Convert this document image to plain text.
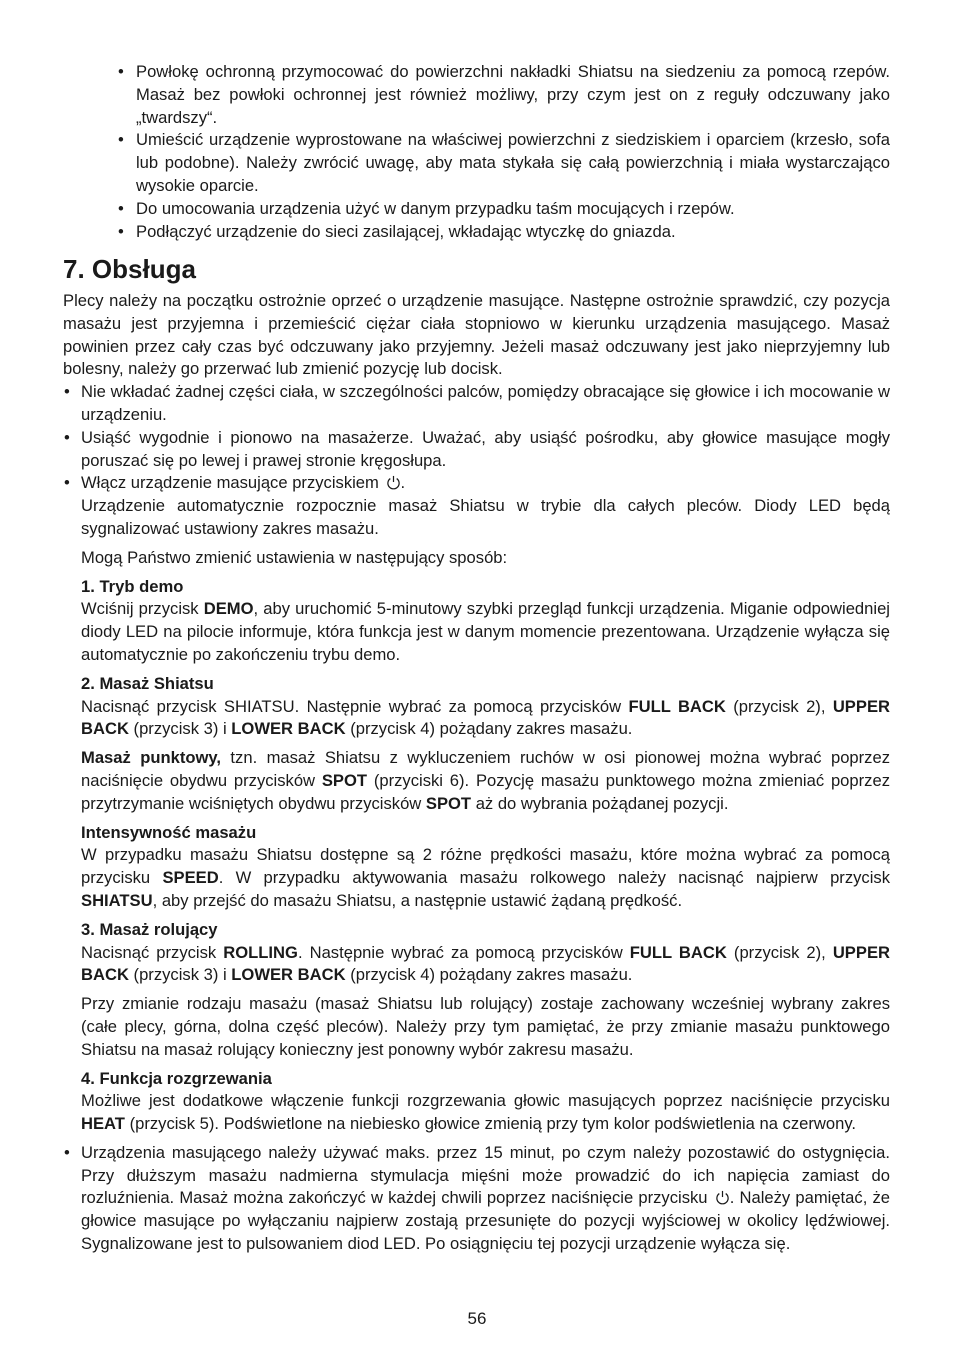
• Powłokę ochronną przymocować do powierzchni nakładki Shiatsu na siedzeniu za pomocą rzepów. Masaż bez powłoki ochronnej jest również możliwy, przy czym jest on z reguły odczuwany jako „twardszy“.
• Umieścić urządzenie wyprostowane na właściwej powierzchni z siedziskiem i oparciem (krzesło, sofa lub podobne). Należy zwrócić uwagę, aby mata stykała się całą powierzchnią i miała wystarczająco wysokie oparcie.
• Do umocowania urządzenia użyć w danym przypadku taśm mocujących i rzepów.
• Podłączyć urządzenie do sieci zasilającej, wkładając wtyczkę do gniazda.
7. Obsługa

Plecy należy na początku ostrożnie oprzeć o urządzenie masujące. Następne ostrożnie sprawdzić, czy pozycja masażu jest przyjemna i przemieścić ciężar ciała stopniowo w kierunku urządzenia masującego. Masaż powinien przez cały czas być odczuwany jako przyjemny. Jeżeli masaż odczuwany jest jako nieprzyjemny lub bolesny, należy go przerwać lub zmienić pozycję lub docisk.

• Nie wkładać żadnej części ciała, w szczególności palców, pomiędzy obracające się głowice i ich mocowanie w urządzeniu.
• Usiąść wygodnie i pionowo na masażerze. Uważać, aby usiąść pośrodku, aby głowice masujące mogły poruszać się po lewej i prawej stronie kręgosłupa.
• Włącz urządzenie masujące przyciskiem .
Urządzenie automatycznie rozpocznie masaż Shiatsu w trybie dla całych pleców. Diody LED będą sygnalizować ustawiony zakres masażu.

Mogą Państwo zmienić ustawienia w następujący sposób:

1. Tryb demo

Wciśnij przycisk DEMO, aby uruchomić 5-minutowy szybki przegląd funkcji urządzenia. Miganie odpowiedniej diody LED na pilocie informuje, która funkcja jest w danym momencie prezentowana. Urządzenie wyłącza się automatycznie po zakończeniu trybu demo.

2. Masaż Shiatsu

Nacisnąć przycisk SHIATSU. Następnie wybrać za pomocą przycisków FULL BACK (przycisk 2), UPPER BACK (przycisk 3) i LOWER BACK (przycisk 4) pożądany zakres masażu.

Masaż punktowy, tzn. masaż Shiatsu z wykluczeniem ruchów w osi pionowej można wybrać poprzez naciśnięcie obydwu przycisków SPOT (przyciski 6). Pozycję masażu punktowego można zmieniać poprzez przytrzymanie wciśniętych obydwu przycisków SPOT aż do wybrania pożądanej pozycji.

Intensywność masażu

W przypadku masażu Shiatsu dostępne są 2 różne prędkości masażu, które można wybrać za pomocą przycisku SPEED. W przypadku aktywowania masażu rolkowego należy nacisnąć najpierw przycisk SHIATSU, aby przejść do masażu Shiatsu, a następnie ustawić żądaną prędkość.

3. Masaż rolujący

Nacisnąć przycisk ROLLING. Następnie wybrać za pomocą przycisków FULL BACK (przycisk 2), UPPER BACK (przycisk 3) i LOWER BACK (przycisk 4) pożądany zakres masażu.

Przy zmianie rodzaju masażu (masaż Shiatsu lub rolujący) zostaje zachowany wcześniej wybrany zakres (całe plecy, górna, dolna część pleców). Należy przy tym pamiętać, że przy zmianie masażu punktowego Shiatsu na masaż rolujący konieczny jest ponowny wybór zakresu masażu.

4. Funkcja rozgrzewania

Możliwe jest dodatkowe włączenie funkcji rozgrzewania głowic masujących poprzez naciśnięcie przycisku HEAT (przycisk 5). Podświetlone na niebiesko głowice zmienią przy tym kolor podświetlenia na czerwony.

• Urządzenia masującego należy używać maks. przez 15 minut, po czym należy pozostawić do ostygnięcia. Przy dłuższym masażu nadmierna stymulacja mięśni może prowadzić do ich napięcia zamiast do rozluźnienia. Masaż można zakończyć w każdej chwili poprzez naciśnięcie przycisku . Należy pamiętać, że głowice masujące po wyłączaniu najpierw zostają przesunięte do pozycji wyjściowej w okolicy lędźwiowej. Sygnalizowane jest to pulsowaniem diod LED. Po osiągnięciu tej pozycji urządzenie wyłącza się.
56
